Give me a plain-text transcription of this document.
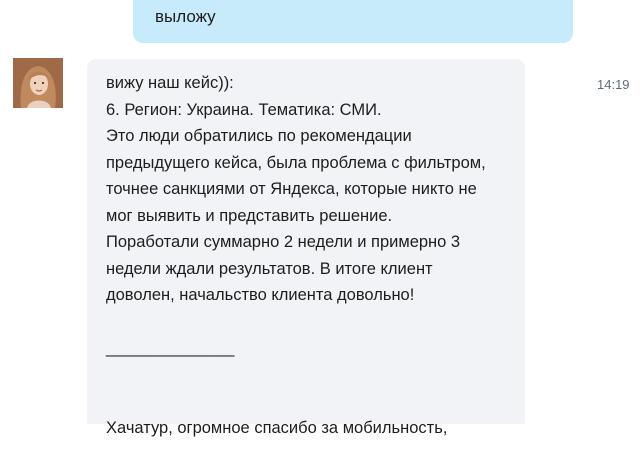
выложу
вижу наш кейс)):
6. Регион: Украина. Тематика: СМИ.
Это люди обратились по рекомендации
предыдущего кейса, была проблема с фильтром,
точнее санкциями от Яндекса, которые никто не
мог выявить и представить решение.
Поработали суммарно 2 недели и примерно 3
недели ждали результатов. В итоге клиент
доволен, начальство клиента довольно!
______________
Хачатур, огромное спасибо за мобильность,
14:19
